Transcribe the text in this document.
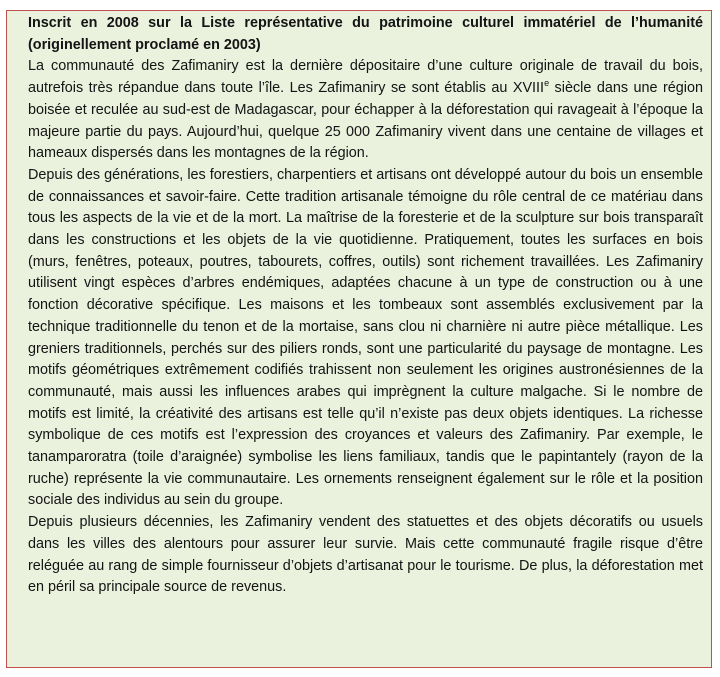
Inscrit en 2008 sur la Liste représentative du patrimoine culturel immatériel de l’humanité (originellement proclamé en 2003)

La communauté des Zafimaniry est la dernière dépositaire d’une culture originale de travail du bois, autrefois très répandue dans toute l’île. Les Zafimaniry se sont établis au XVIIIe siècle dans une région boisée et reculée au sud-est de Madagascar, pour échapper à la déforestation qui ravageait à l’époque la majeure partie du pays. Aujourd’hui, quelque 25 000 Zafimaniry vivent dans une centaine de villages et hameaux dispersés dans les montagnes de la région.

Depuis des générations, les forestiers, charpentiers et artisans ont développé autour du bois un ensemble de connaissances et savoir-faire. Cette tradition artisanale témoigne du rôle central de ce matériau dans tous les aspects de la vie et de la mort. La maîtrise de la foresterie et de la sculpture sur bois transparaît dans les constructions et les objets de la vie quotidienne. Pratiquement, toutes les surfaces en bois (murs, fenêtres, poteaux, poutres, tabourets, coffres, outils) sont richement travaillées. Les Zafimaniry utilisent vingt espèces d’arbres endémiques, adaptées chacune à un type de construction ou à une fonction décorative spécifique. Les maisons et les tombeaux sont assemblés exclusivement par la technique traditionnelle du tenon et de la mortaise, sans clou ni charnière ni autre pièce métallique. Les greniers traditionnels, perchés sur des piliers ronds, sont une particularité du paysage de montagne. Les motifs géométriques extrêmement codifiés trahissent non seulement les origines austronésiennes de la communauté, mais aussi les influences arabes qui imprègnent la culture malgache. Si le nombre de motifs est limité, la créativité des artisans est telle qu’il n’existe pas deux objets identiques. La richesse symbolique de ces motifs est l’expression des croyances et valeurs des Zafimaniry. Par exemple, le tanamparoratra (toile d’araignée) symbolise les liens familiaux, tandis que le papintantely (rayon de la ruche) représente la vie communautaire. Les ornements renseignent également sur le rôle et la position sociale des individus au sein du groupe.

Depuis plusieurs décennies, les Zafimaniry vendent des statuettes et des objets décoratifs ou usuels dans les villes des alentours pour assurer leur survie. Mais cette communauté fragile risque d’être reléguée au rang de simple fournisseur d’objets d’artisanat pour le tourisme. De plus, la déforestation met en péril sa principale source de revenus.
